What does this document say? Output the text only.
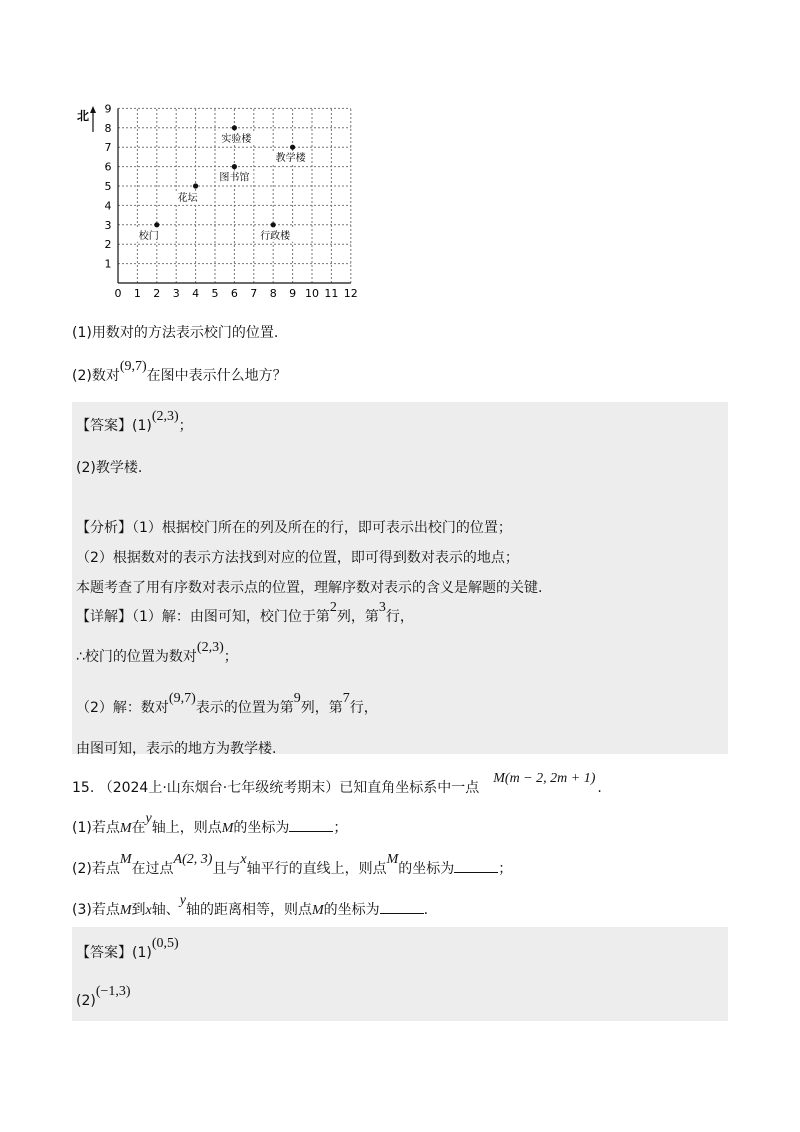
0 1 2 3 4 5 6 7 8 9 10 11 12
1
2
3
4
5
6
7
8
9
校门
花坛
图书馆
实验楼
教学楼
行政楼
北
(1)用数对的方法表示校门的位置.
(2)数对(9,7)在图中表示什么地方？
【答案】(1)(2,3)；
(2)教学楼.
【分析】（1）根据校门所在的列及所在的行，即可表示出校门的位置；
（2）根据数对的表示方法找到对应的位置，即可得到数对表示的地点；
本题考查了用有序数对表示点的位置，理解序数对表示的含义是解题的关键.
【详解】（1）解：由图可知，校门位于第2列，第3行，
∴校门的位置为数对(2,3)；
（2）解：数对(9,7)表示的位置为第9列，第7行，
由图可知，表示的地方为教学楼.
15. （2024上·山东烟台·七年级统考期末）已知直角坐标系中一点M(m − 2, 2m + 1).
(1)若点M在y轴上，则点M的坐标为	；
(2)若点M在过点A(2, 3)且与x轴平行的直线上，则点M的坐标为	；
(3)若点M到x轴、y轴的距离相等，则点M的坐标为	.
【答案】(1)(0,5)
(2)(−1,3)
